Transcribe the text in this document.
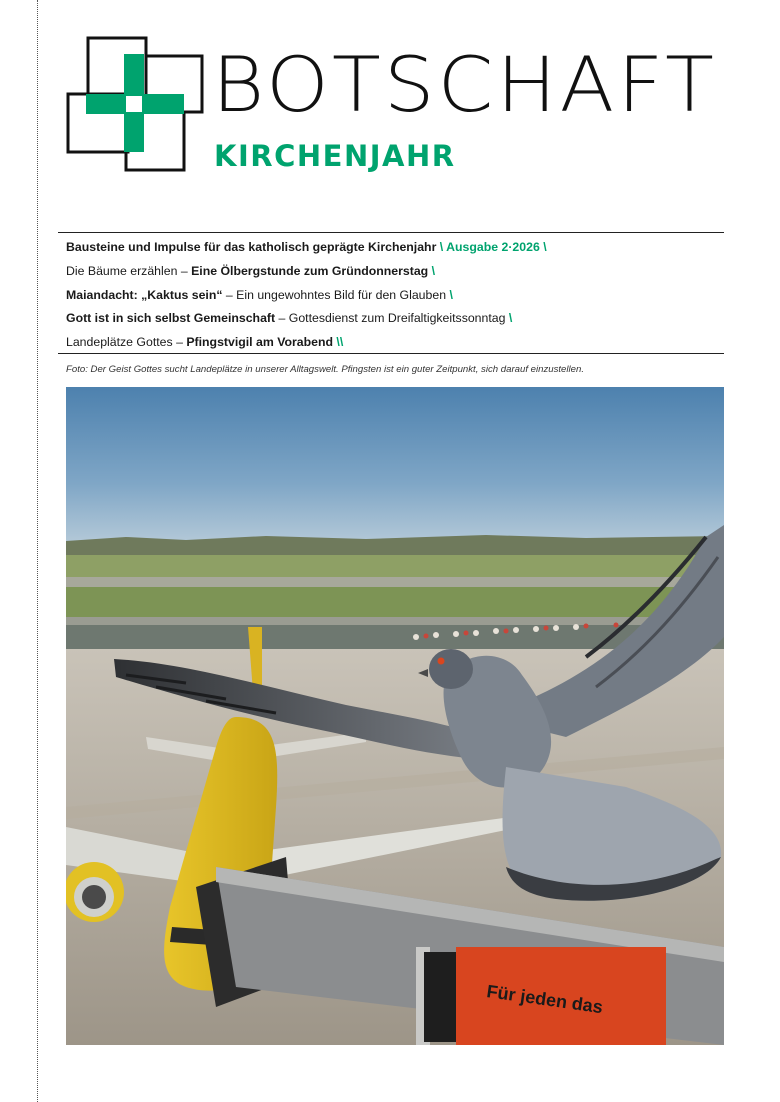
BOTSCHAFT
KIRCHENJAHR
Bausteine und Impulse für das katholisch geprägte Kirchenjahr \ Ausgabe 2·2026 \
Die Bäume erzählen – Eine Ölbergstunde zum Gründonnerstag \
Maiandacht: „Kaktus sein“ – Ein ungewohntes Bild für den Glauben \
Gott ist in sich selbst Gemeinschaft – Gottesdienst zum Dreifaltigkeitssonntag \
Landeplätze Gottes – Pfingstvigil am Vorabend \\

Foto: Der Geist Gottes sucht Landeplätze in unserer Alltagswelt. Pfingsten ist ein guter Zeitpunkt, sich darauf einzustellen.

Für jeden das
